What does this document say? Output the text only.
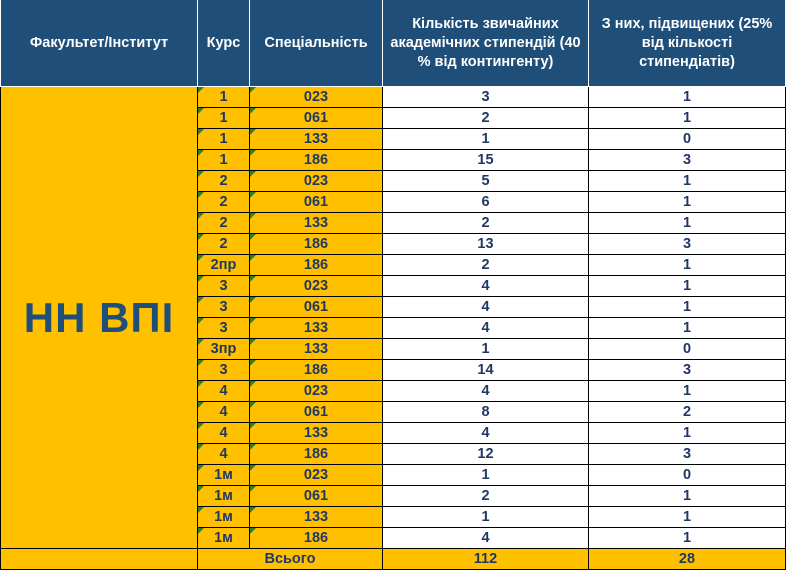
Факультет/Інститут	Курс	Спеціальність	Кількість звичайних академічних стипендій (40 % від контингенту)	З них, підвищених (25% від кількості стипендіатів)
НН ВПІ	1	023	3	1
	1	061	2	1
	1	133	1	0
	1	186	15	3
	2	023	5	1
	2	061	6	1
	2	133	2	1
	2	186	13	3
	2пр	186	2	1
	3	023	4	1
	3	061	4	1
	3	133	4	1
	3пр	133	1	0
	3	186	14	3
	4	023	4	1
	4	061	8	2
	4	133	4	1
	4	186	12	3
	1м	023	1	0
	1м	061	2	1
	1м	133	1	1
	1м	186	4	1
	Всього		112	28
